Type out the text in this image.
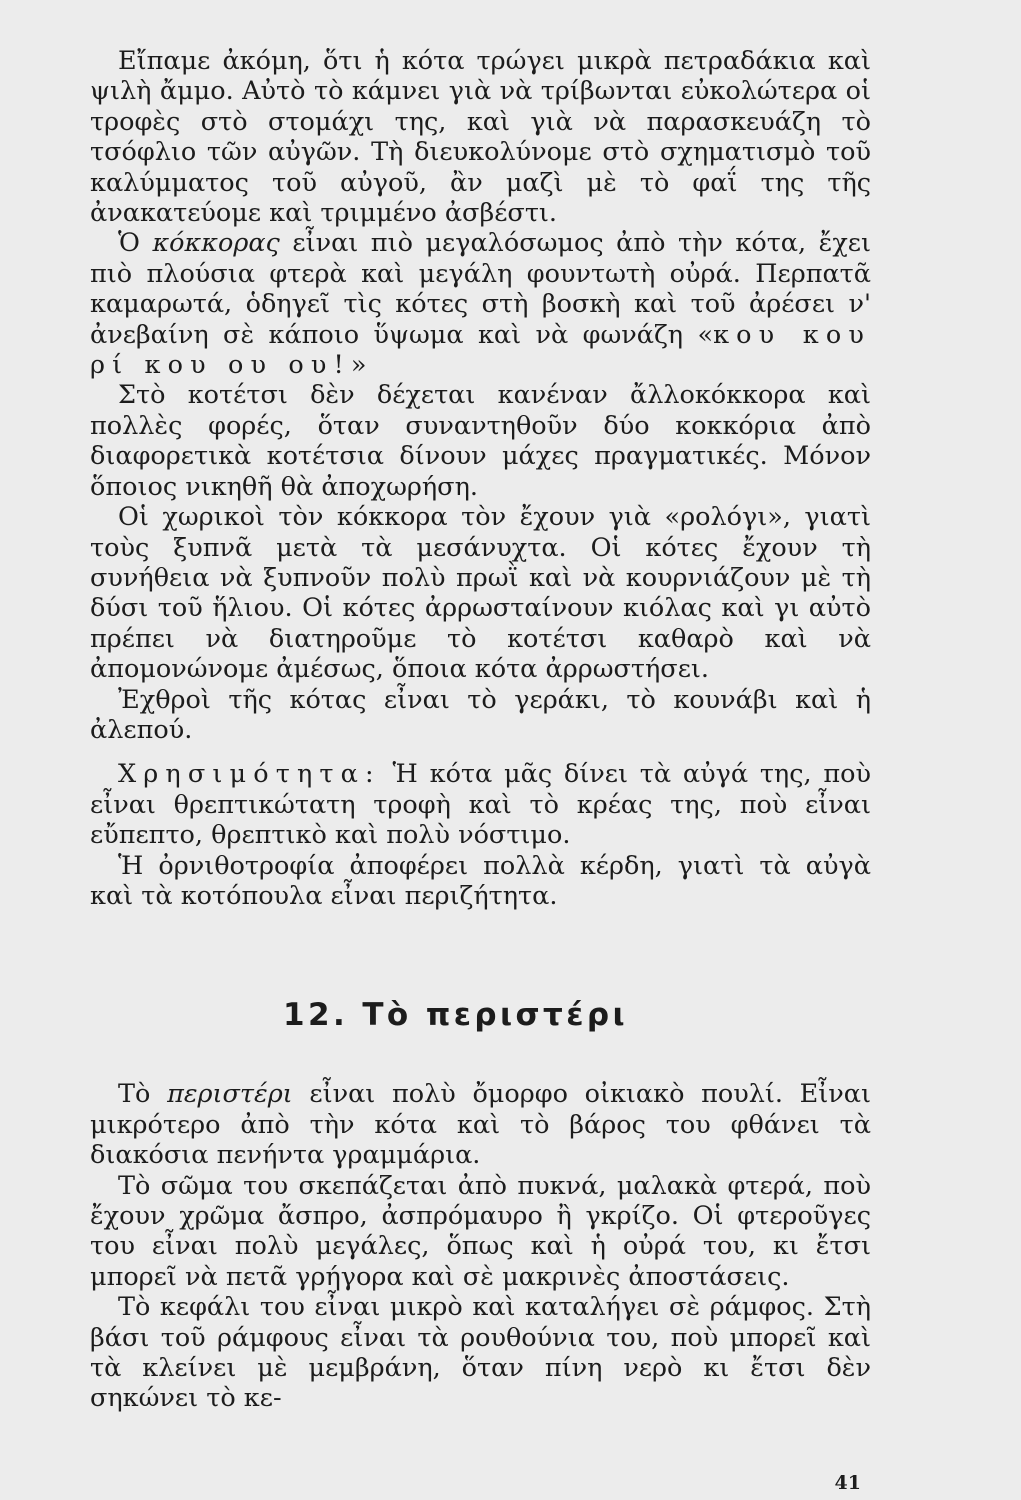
Εἴπαμε ἀκόμη, ὅτι ἡ κότα τρώγει μικρὰ πετραδάκια καὶ ψιλὴ ἄμμο. Αὐτὸ τὸ κάμνει γιὰ νὰ τρίβωνται εὐκολώτερα οἱ τροφὲς στὸ στομάχι της, καὶ γιὰ νὰ παρασκευάζη τὸ τσόφλιο τῶν αὐγῶν. Τὴ διευκολύνομε στὸ σχηματισμὸ τοῦ καλύμματος τοῦ αὐγοῦ, ἂν μαζὶ μὲ τὸ φαΐ της τῆς ἀνακατεύομε καὶ τριμμένο ἀσβέστι.

Ὁ κόκκορας εἶναι πιὸ μεγαλόσωμος ἀπὸ τὴν κότα, ἔχει πιὸ πλούσια φτερὰ καὶ μεγάλη φουντωτὴ οὐρά. Περπατᾶ καμαρωτά, ὁδηγεῖ τὶς κότες στὴ βοσκὴ καὶ τοῦ ἀρέσει ν' ἀνεβαίνη σὲ κάποιο ὕψωμα καὶ νὰ φωνάζη «κου κου ρί κου ου ου!»

Στὸ κοτέτσι δὲν δέχεται κανέναν ἄλλοκόκκορα καὶ πολλὲς φορές, ὅταν συναντηθοῦν δύο κοκκόρια ἀπὸ διαφορετικὰ κοτέτσια δίνουν μάχες πραγματικές. Μόνον ὅποιος νικηθῆ θὰ ἀποχωρήση.

Οἱ χωρικοὶ τὸν κόκκορα τὸν ἔχουν γιὰ «ρολόγι», γιατὶ τοὺς ξυπνᾶ μετὰ τὰ μεσάνυχτα. Οἱ κότες ἔχουν τὴ συνήθεια νὰ ξυπνοῦν πολὺ πρωῒ καὶ νὰ κουρνιάζουν μὲ τὴ δύσι τοῦ ἥλιου. Οἱ κότες ἀρρωσταίνουν κιόλας καὶ γι αὐτὸ πρέπει νὰ διατηροῦμε τὸ κοτέτσι καθαρὸ καὶ νὰ ἀπομονώνομε ἀμέσως, ὅποια κότα ἀρρωστήσει.

Ἐχθροὶ τῆς κότας εἶναι τὸ γεράκι, τὸ κουνάβι καὶ ἡ ἀλεπού.

Χρησιμότητα: Ἡ κότα μᾶς δίνει τὰ αὐγά της, ποὺ εἶναι θρεπτικώτατη τροφὴ καὶ τὸ κρέας της, ποὺ εἶναι εὔπεπτο, θρεπτικὸ καὶ πολὺ νόστιμο.

Ἡ ὀρνιθοτροφία ἀποφέρει πολλὰ κέρδη, γιατὶ τὰ αὐγὰ καὶ τὰ κοτόπουλα εἶναι περιζήτητα.

12. Τὸ περιστέρι

Τὸ περιστέρι εἶναι πολὺ ὄμορφο οἰκιακὸ πουλί. Εἶναι μικρότερο ἀπὸ τὴν κότα καὶ τὸ βάρος του φθάνει τὰ διακόσια πενήντα γραμμάρια.

Τὸ σῶμα του σκεπάζεται ἀπὸ πυκνά, μαλακὰ φτερά, ποὺ ἔχουν χρῶμα ἄσπρο, ἀσπρόμαυρο ἢ γκρίζο. Οἱ φτεροῦγες του εἶναι πολὺ μεγάλες, ὅπως καὶ ἡ οὐρά του, κι ἔτσι μπορεῖ νὰ πετᾶ γρήγορα καὶ σὲ μακρινὲς ἀποστάσεις.

Τὸ κεφάλι του εἶναι μικρὸ καὶ καταλήγει σὲ ράμφος. Στὴ βάσι τοῦ ράμφους εἶναι τὰ ρουθούνια του, ποὺ μπορεῖ καὶ τὰ κλείνει μὲ μεμβράνη, ὅταν πίνη νερὸ κι ἔτσι δὲν σηκώνει τὸ κε-

41
